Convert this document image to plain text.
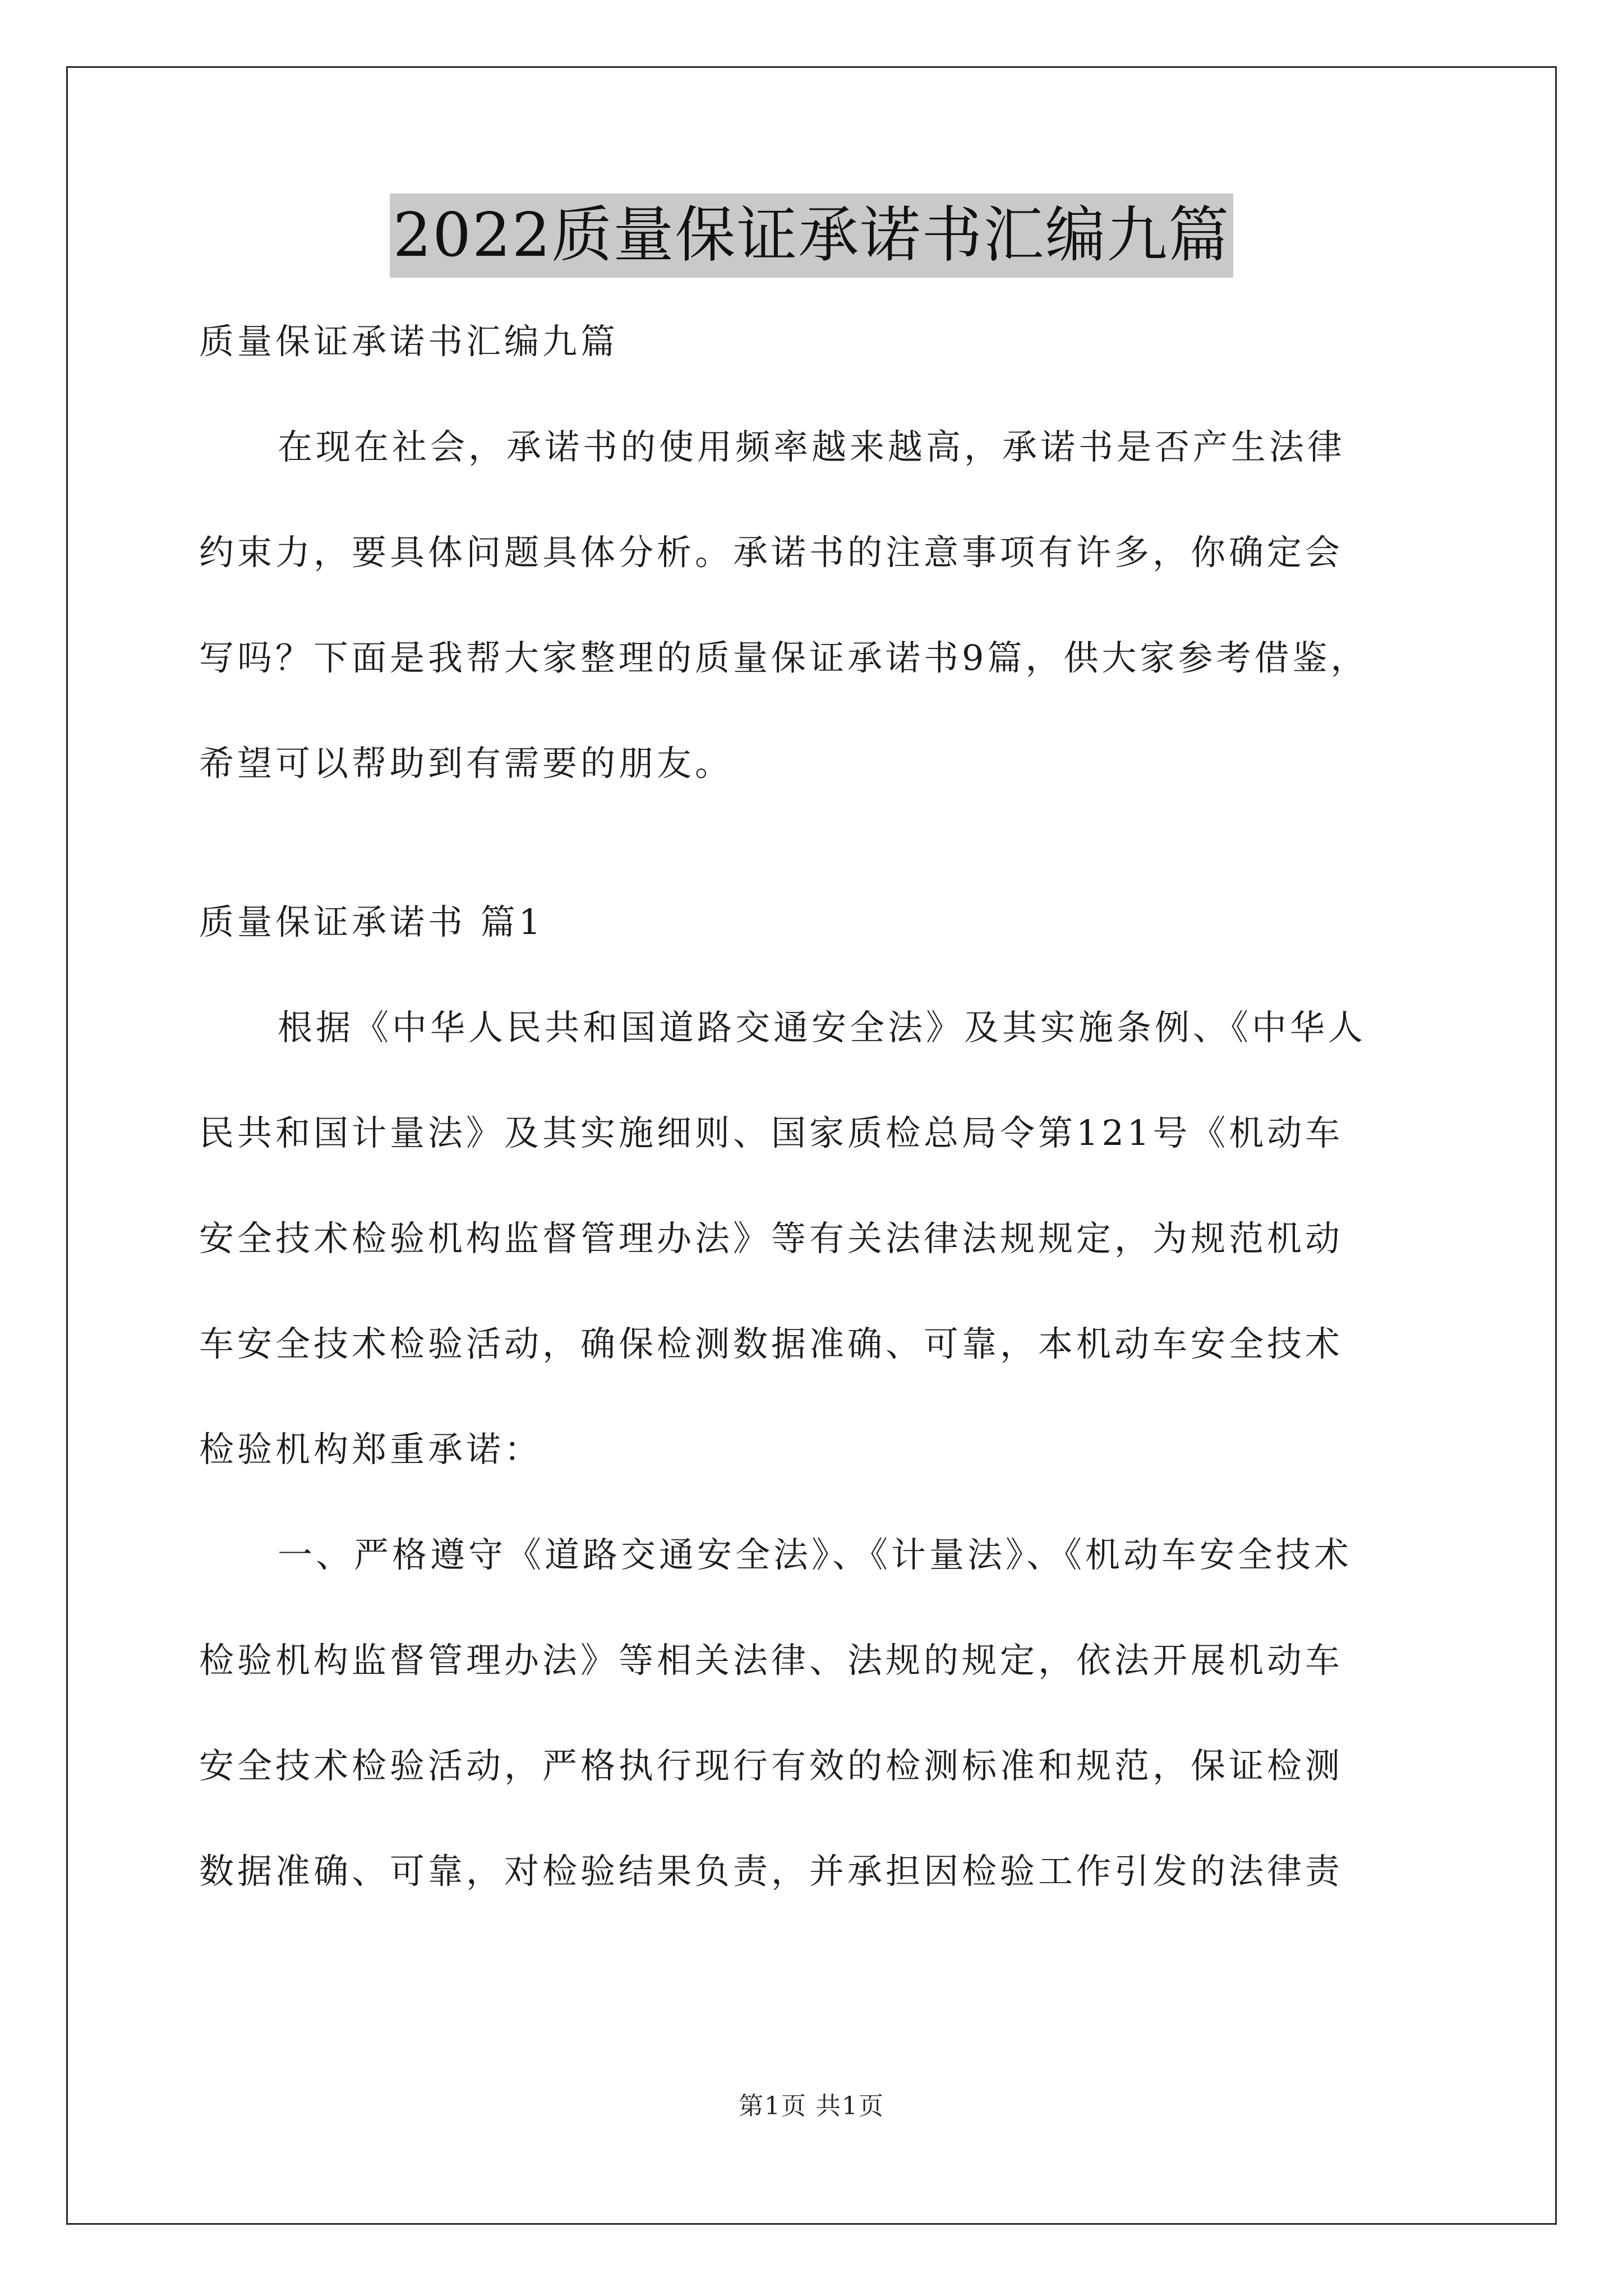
2022质量保证承诺书汇编九篇
质量保证承诺书汇编九篇
在现在社会，承诺书的使用频率越来越高，承诺书是否产生法律
约束力，要具体问题具体分析。承诺书的注意事项有许多，你确定会
写吗？下面是我帮大家整理的质量保证承诺书9篇，供大家参考借鉴，
希望可以帮助到有需要的朋友。
质量保证承诺书 篇1
根据《中华人民共和国道路交通安全法》及其实施条例、《中华人
民共和国计量法》及其实施细则、国家质检总局令第121号《机动车
安全技术检验机构监督管理办法》等有关法律法规规定，为规范机动
车安全技术检验活动，确保检测数据准确、可靠，本机动车安全技术
检验机构郑重承诺：
一、严格遵守《道路交通安全法》、《计量法》、《机动车安全技术
检验机构监督管理办法》等相关法律、法规的规定，依法开展机动车
安全技术检验活动，严格执行现行有效的检测标准和规范，保证检测
数据准确、可靠，对检验结果负责，并承担因检验工作引发的法律责
第1页 共1页
